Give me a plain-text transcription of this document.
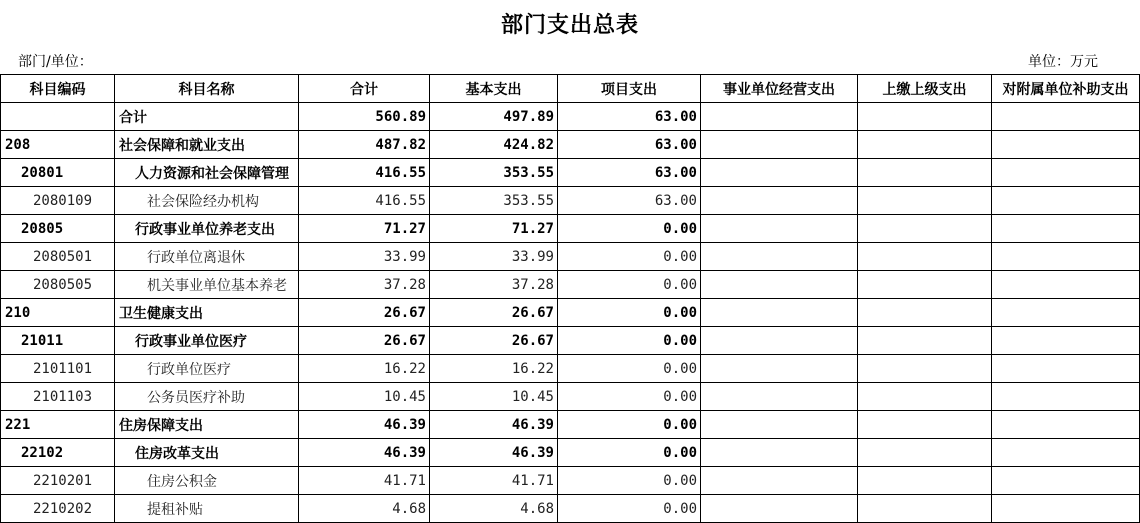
部门支出总表
部门/单位：	单位：万元
科目编码	科目名称	合计	基本支出	项目支出	事业单位经营支出	上缴上级支出	对附属单位补助支出
	合计	560.89	497.89	63.00			
208	社会保障和就业支出	487.82	424.82	63.00			
20801	人力资源和社会保障管理	416.55	353.55	63.00			
2080109	社会保险经办机构	416.55	353.55	63.00			
20805	行政事业单位养老支出	71.27	71.27	0.00			
2080501	行政单位离退休	33.99	33.99	0.00			
2080505	机关事业单位基本养老	37.28	37.28	0.00			
210	卫生健康支出	26.67	26.67	0.00			
21011	行政事业单位医疗	26.67	26.67	0.00			
2101101	行政单位医疗	16.22	16.22	0.00			
2101103	公务员医疗补助	10.45	10.45	0.00			
221	住房保障支出	46.39	46.39	0.00			
22102	住房改革支出	46.39	46.39	0.00			
2210201	住房公积金	41.71	41.71	0.00			
2210202	提租补贴	4.68	4.68	0.00			
